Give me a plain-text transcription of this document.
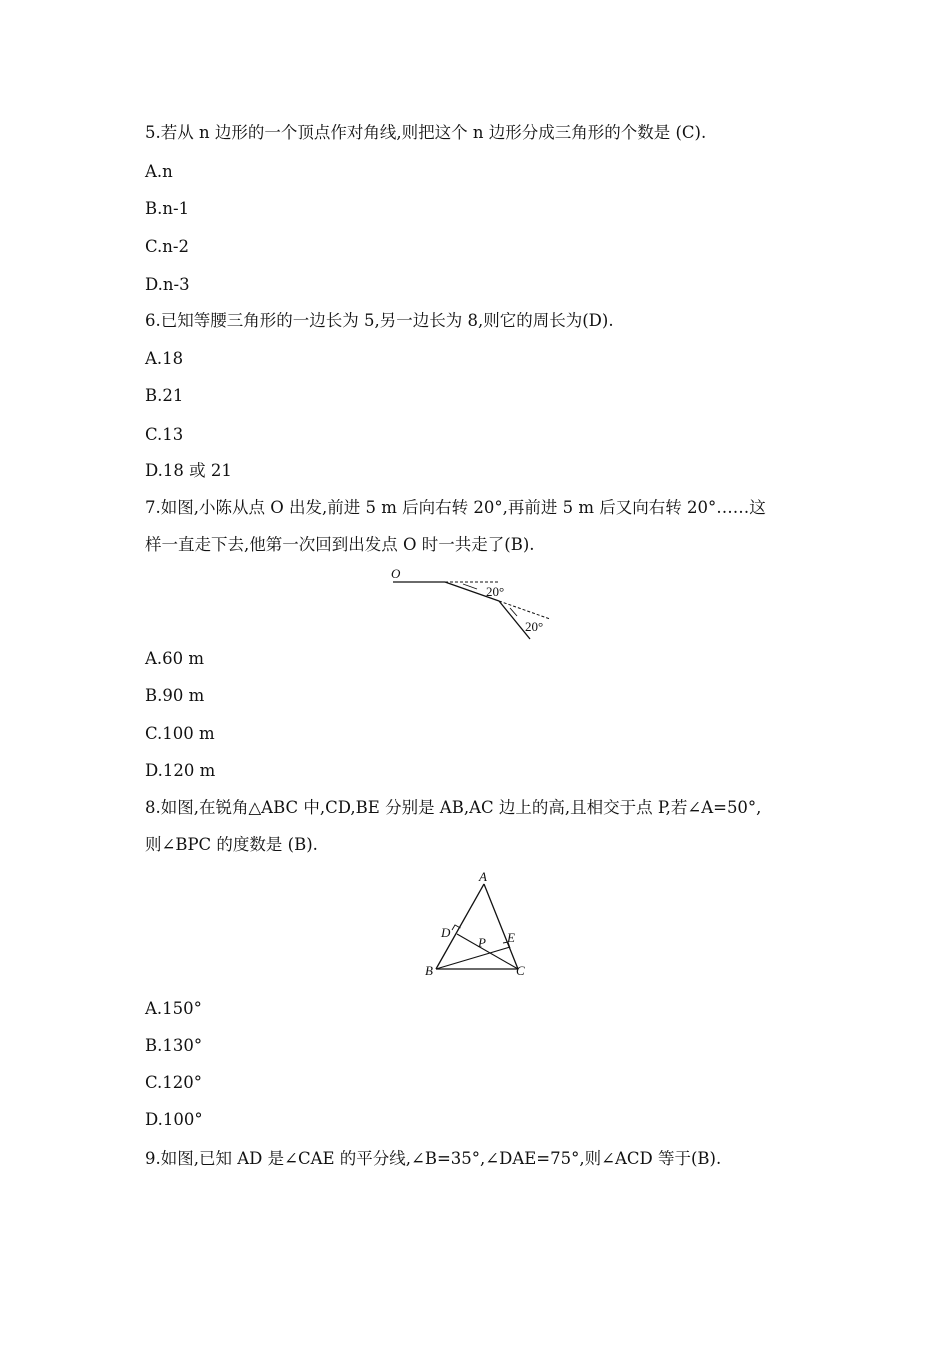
5.若从 n 边形的一个顶点作对角线,则把这个 n 边形分成三角形的个数是 (C).
A.n
B.n-1
C.n-2
D.n-3
6.已知等腰三角形的一边长为 5,另一边长为 8,则它的周长为(D).
A.18
B.21
C.13
D.18 或 21
7.如图,小陈从点 O 出发,前进 5 m 后向右转 20°,再前进 5 m 后又向右转 20°……这
样一直走下去,他第一次回到出发点 O 时一共走了(B).
O
20°
20°
A.60 m
B.90 m
C.100 m
D.120 m
8.如图,在锐角△ABC 中,CD,BE 分别是 AB,AC 边上的高,且相交于点 P,若∠A=50°,
则∠BPC 的度数是 (B).
A
D
P E
B	C
A.150°
B.130°
C.120°
D.100°
9.如图,已知 AD 是∠CAE 的平分线,∠B=35°,∠DAE=75°,则∠ACD 等于(B).
